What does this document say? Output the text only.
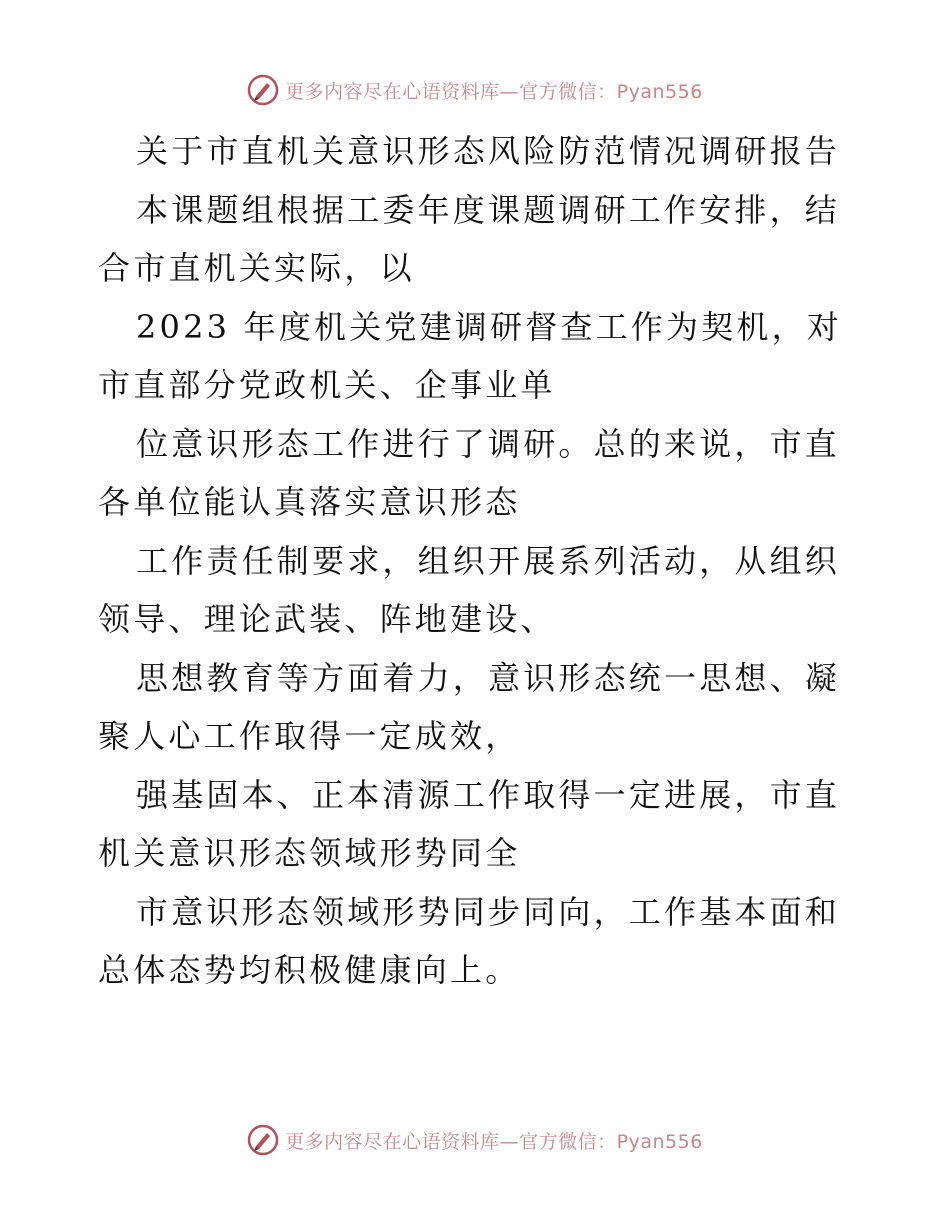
更多内容尽在心语资料库—官方微信：Pyan556

关于市直机关意识形态风险防范情况调研报告

本课题组根据工委年度课题调研工作安排，结合市直机关实际，以

2023 年度机关党建调研督查工作为契机，对市直部分党政机关、企事业单

位意识形态工作进行了调研。总的来说，市直各单位能认真落实意识形态

工作责任制要求，组织开展系列活动，从组织领导、理论武装、阵地建设、

思想教育等方面着力，意识形态统一思想、凝聚人心工作取得一定成效，

强基固本、正本清源工作取得一定进展，市直机关意识形态领域形势同全

市意识形态领域形势同步同向，工作基本面和总体态势均积极健康向上。

更多内容尽在心语资料库—官方微信：Pyan556
